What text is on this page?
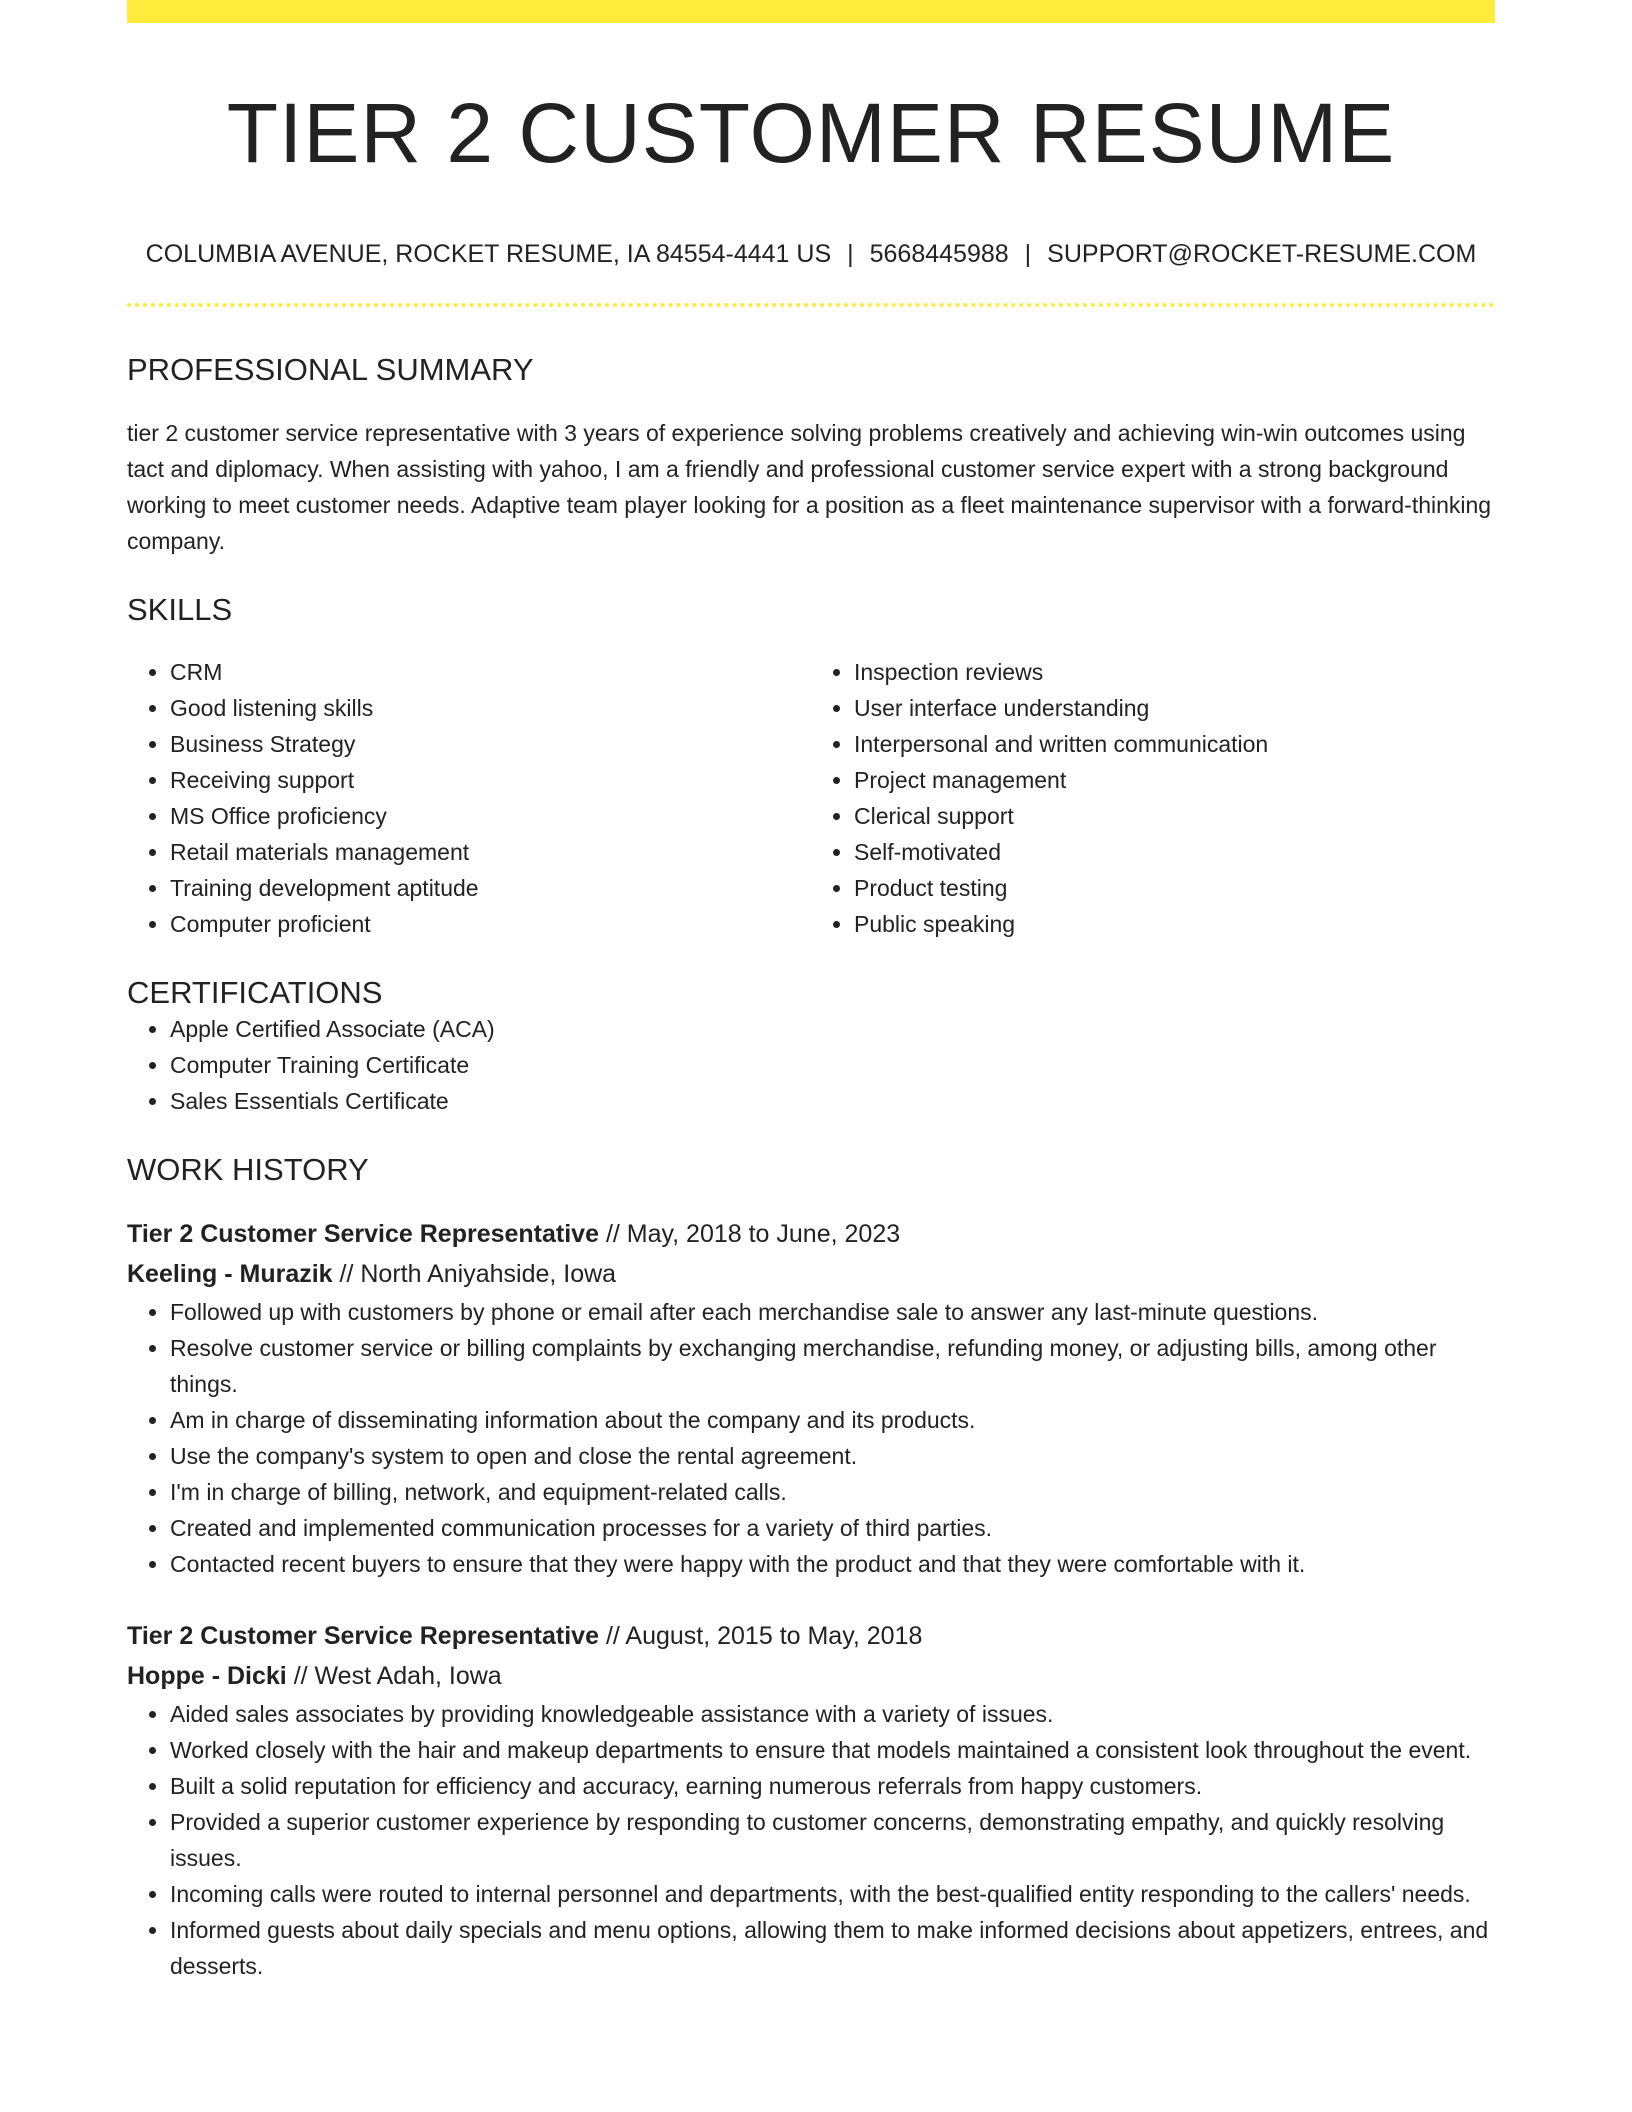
TIER 2 CUSTOMER RESUME
COLUMBIA AVENUE, ROCKET RESUME, IA 84554-4441 US | 5668445988 | SUPPORT@ROCKET-RESUME.COM
PROFESSIONAL SUMMARY

tier 2 customer service representative with 3 years of experience solving problems creatively and achieving win-win outcomes using tact and diplomacy. When assisting with yahoo, I am a friendly and professional customer service expert with a strong background working to meet customer needs. Adaptive team player looking for a position as a fleet maintenance supervisor with a forward-thinking company.

SKILLS
• CRM
• Good listening skills
• Business Strategy
• Receiving support
• MS Office proficiency
• Retail materials management
• Training development aptitude
• Computer proficient
• Inspection reviews
• User interface understanding
• Interpersonal and written communication
• Project management
• Clerical support
• Self-motivated
• Product testing
• Public speaking
CERTIFICATIONS
• Apple Certified Associate (ACA)
• Computer Training Certificate
• Sales Essentials Certificate
WORK HISTORY
Tier 2 Customer Service Representative // May, 2018 to June, 2023
Keeling - Murazik // North Aniyahside, Iowa
• Followed up with customers by phone or email after each merchandise sale to answer any last-minute questions.
• Resolve customer service or billing complaints by exchanging merchandise, refunding money, or adjusting bills, among other things.
• Am in charge of disseminating information about the company and its products.
• Use the company's system to open and close the rental agreement.
• I'm in charge of billing, network, and equipment-related calls.
• Created and implemented communication processes for a variety of third parties.
• Contacted recent buyers to ensure that they were happy with the product and that they were comfortable with it.
Tier 2 Customer Service Representative // August, 2015 to May, 2018
Hoppe - Dicki // West Adah, Iowa
• Aided sales associates by providing knowledgeable assistance with a variety of issues.
• Worked closely with the hair and makeup departments to ensure that models maintained a consistent look throughout the event.
• Built a solid reputation for efficiency and accuracy, earning numerous referrals from happy customers.
• Provided a superior customer experience by responding to customer concerns, demonstrating empathy, and quickly resolving issues.
• Incoming calls were routed to internal personnel and departments, with the best-qualified entity responding to the callers' needs.
• Informed guests about daily specials and menu options, allowing them to make informed decisions about appetizers, entrees, and desserts.
